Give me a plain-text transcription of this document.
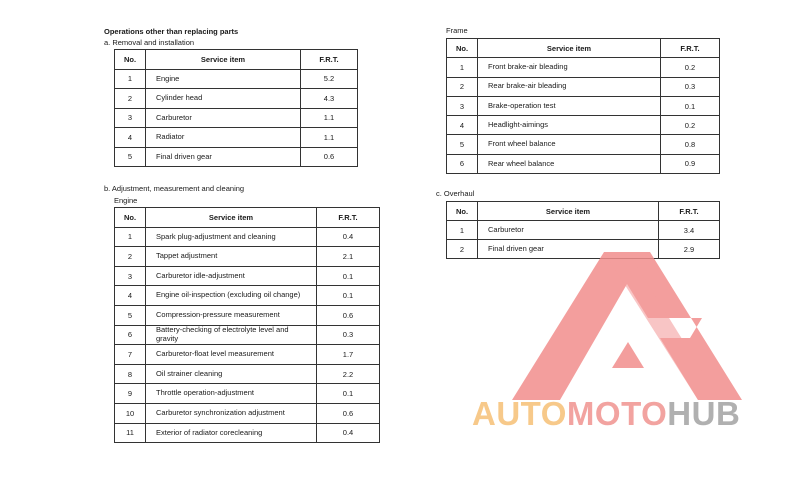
Operations other than replacing parts
a. Removal and installation
No.	Service item	F.R.T.
1	Engine	5.2
2	Cylinder head	4.3
3	Carburetor	1.1
4	Radiator	1.1
5	Final driven gear	0.6
b. Adjustment, measurement and cleaning
Engine
No.	Service item	F.R.T.
1	Spark plug-adjustment and cleaning	0.4
2	Tappet adjustment	2.1
3	Carburetor idle-adjustment	0.1
4	Engine oil-inspection (excluding oil change)	0.1
5	Compression-pressure measurement	0.6
6	Battery-checking of electrolyte level and gravity	0.3
7	Carburetor-float level measurement	1.7
8	Oil strainer cleaning	2.2
9	Throttle operation-adjustment	0.1
10	Carburetor synchronization adjustment	0.6
11	Exterior of radiator corecleaning	0.4
Frame
No.	Service item	F.R.T.
1	Front brake-air bleading	0.2
2	Rear brake-air bleading	0.3
3	Brake-operation test	0.1
4	Headlight-aimings	0.2
5	Front wheel balance	0.8
6	Rear wheel balance	0.9
c. Overhaul
No.	Service item	F.R.T.
1	Carburetor	3.4
2	Final driven gear	2.9
AUTOMOTOHUB
